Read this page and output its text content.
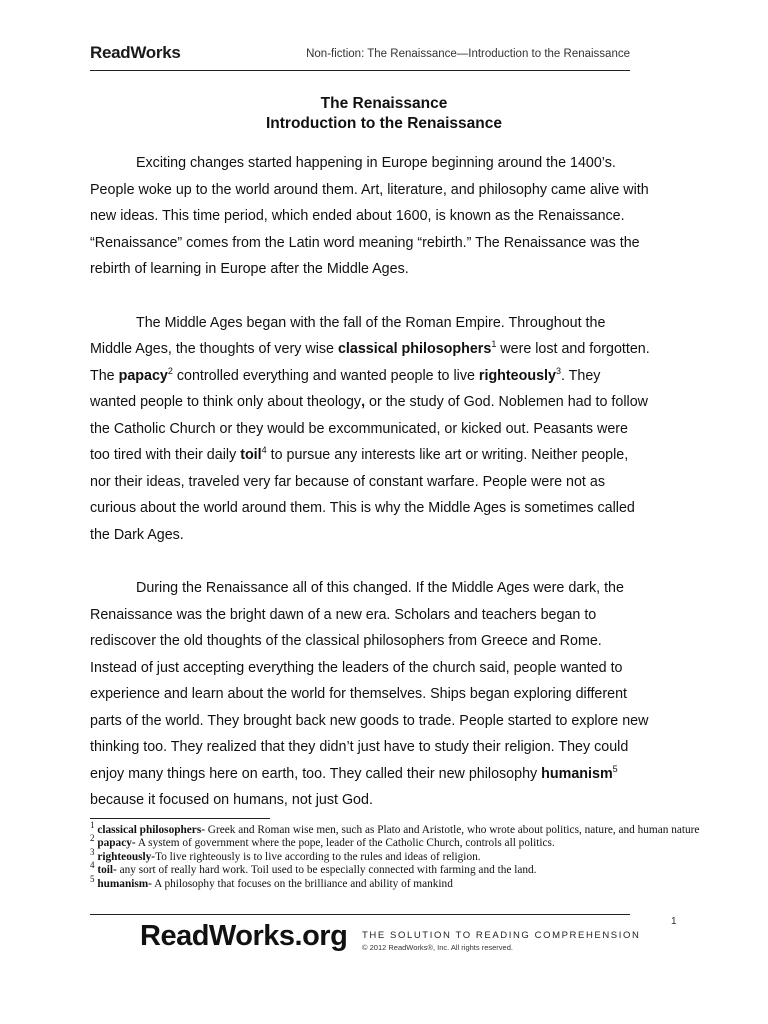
ReadWorks	Non-fiction: The Renaissance—Introduction to the Renaissance
The Renaissance
Introduction to the Renaissance

Exciting changes started happening in Europe beginning around the 1400’s. People woke up to the world around them. Art, literature, and philosophy came alive with new ideas. This time period, which ended about 1600, is known as the Renaissance. “Renaissance” comes from the Latin word meaning “rebirth.” The Renaissance was the rebirth of learning in Europe after the Middle Ages.

The Middle Ages began with the fall of the Roman Empire. Throughout the Middle Ages, the thoughts of very wise classical philosophers$^1$ were lost and forgotten. The papacy$^2$ controlled everything and wanted people to live righteously$^3$. They wanted people to think only about theology, or the study of God. Noblemen had to follow the Catholic Church or they would be excommunicated, or kicked out. Peasants were too tired with their daily toil$^4$ to pursue any interests like art or writing. Neither people, nor their ideas, traveled very far because of constant warfare. People were not as curious about the world around them. This is why the Middle Ages is sometimes called the Dark Ages.

During the Renaissance all of this changed. If the Middle Ages were dark, the Renaissance was the bright dawn of a new era. Scholars and teachers began to rediscover the old thoughts of the classical philosophers from Greece and Rome. Instead of just accepting everything the leaders of the church said, people wanted to experience and learn about the world for themselves. Ships began exploring different parts of the world. They brought back new goods to trade. People started to explore new thinking too. They realized that they didn’t just have to study their religion. They could enjoy many things here on earth, too. They called their new philosophy humanism$^5$ because it focused on humans, not just God.

$^1$ classical philosophers- Greek and Roman wise men, such as Plato and Aristotle, who wrote about politics, nature, and human nature
$^2$ papacy- A system of government where the pope, leader of the Catholic Church, controls all politics.
$^3$ righteously-To live righteously is to live according to the rules and ideas of religion.
$^4$ toil- any sort of really hard work. Toil used to be especially connected with farming and the land.
$^5$ humanism- A philosophy that focuses on the brilliance and ability of mankind
1
ReadWorks.org THE SOLUTION TO READING COMPREHENSION
© 2012 ReadWorks®, Inc. All rights reserved.
